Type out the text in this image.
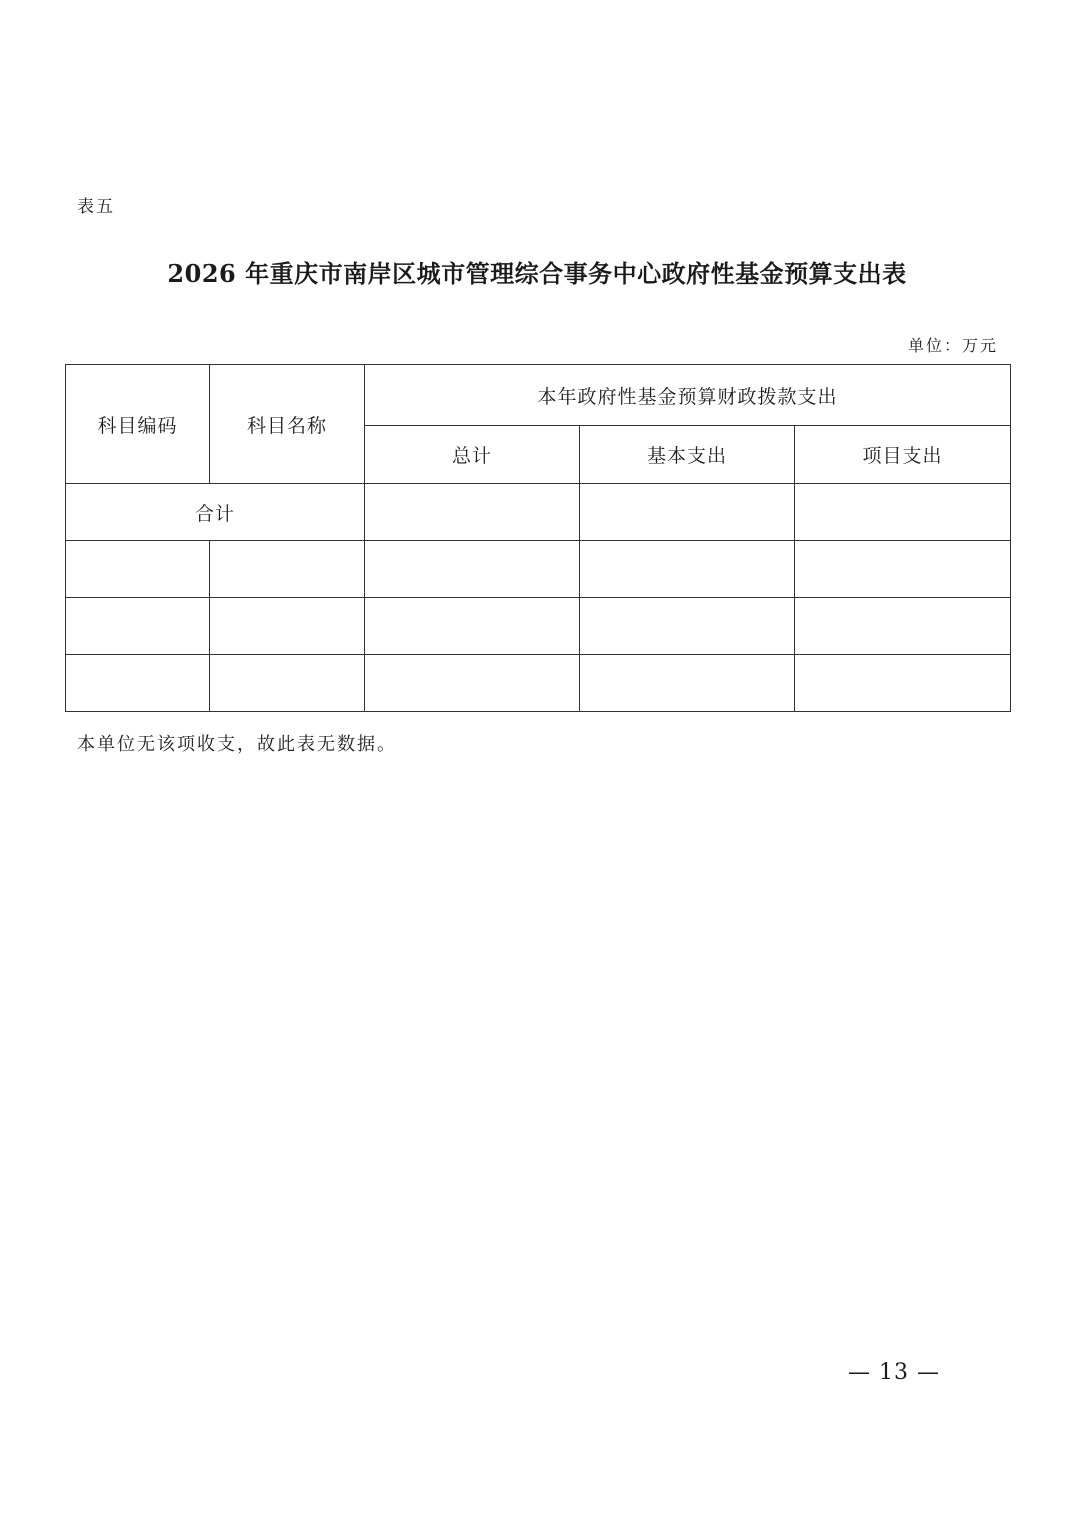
表五
2026 年重庆市南岸区城市管理综合事务中心政府性基金预算支出表
单位：万元
科目编码	科目名称	本年政府性基金预算财政拨款支出		
		总计	基本支出	项目支出
合计				

本单位无该项收支，故此表无数据。
— 13 —
